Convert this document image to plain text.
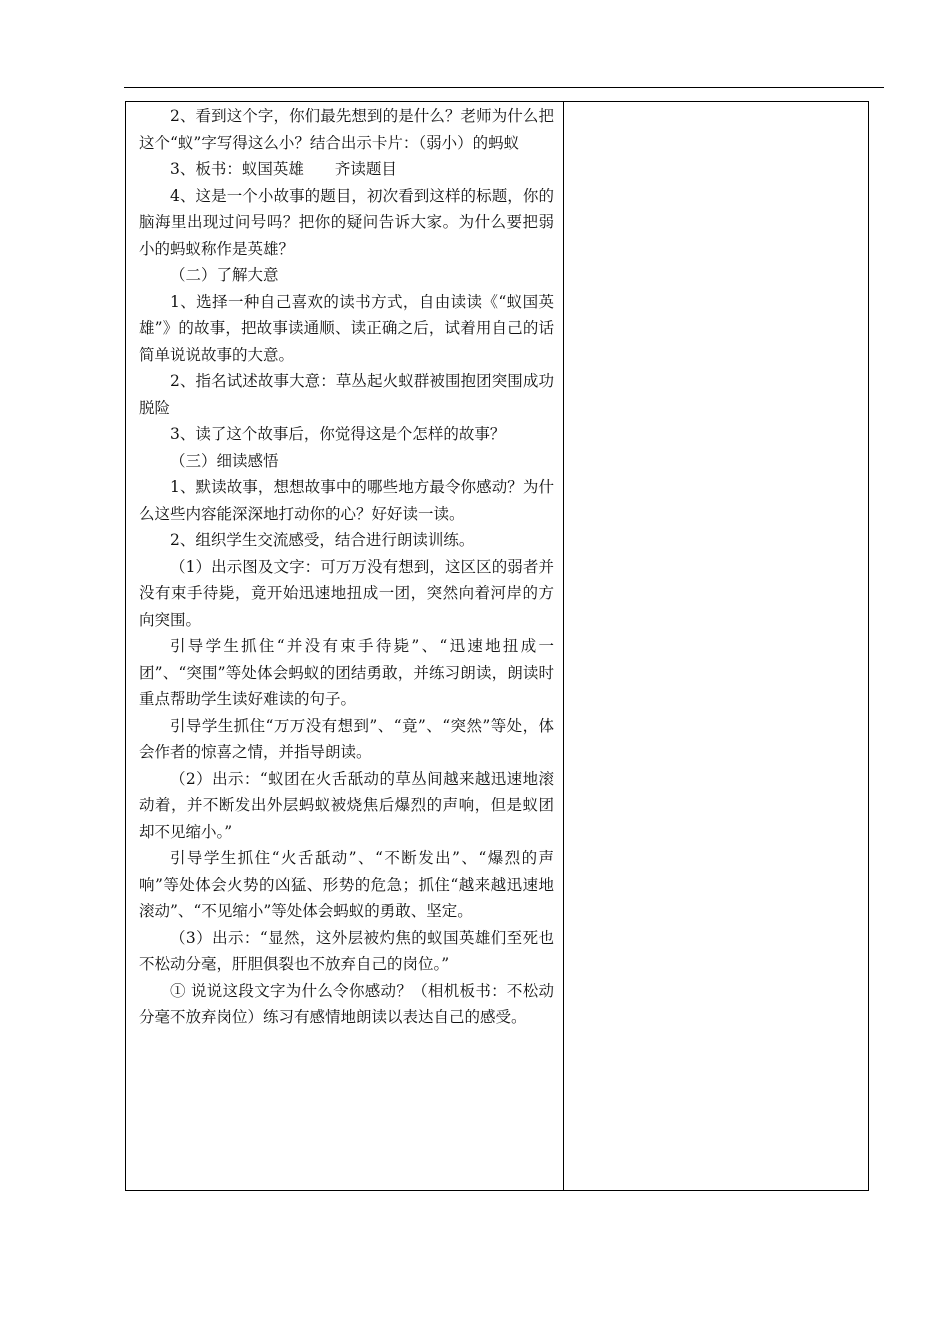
2、看到这个字，你们最先想到的是什么？老师为什么把这个“蚁”字写得这么小？结合出示卡片：（弱小）的蚂蚁

3、板书：蚁国英雄　　齐读题目

4、这是一个小故事的题目，初次看到这样的标题，你的脑海里出现过问号吗？把你的疑问告诉大家。为什么要把弱小的蚂蚁称作是英雄？

（二）了解大意

1、选择一种自己喜欢的读书方式，自由读读《“蚁国英雄”》的故事，把故事读通顺、读正确之后，试着用自己的话简单说说故事的大意。

2、指名试述故事大意：草丛起火蚁群被围抱团突围成功脱险

3、读了这个故事后，你觉得这是个怎样的故事？

（三）细读感悟

1、默读故事，想想故事中的哪些地方最令你感动？为什么这些内容能深深地打动你的心？好好读一读。

2、组织学生交流感受，结合进行朗读训练。

（1）出示图及文字：可万万没有想到，这区区的弱者并没有束手待毙，竟开始迅速地扭成一团，突然向着河岸的方向突围。

引导学生抓住“并没有束手待毙”、“迅速地扭成一团”、“突围”等处体会蚂蚁的团结勇敢，并练习朗读，朗读时重点帮助学生读好难读的句子。

引导学生抓住“万万没有想到”、“竟”、“突然”等处，体会作者的惊喜之情，并指导朗读。

（2）出示：“蚁团在火舌舐动的草丛间越来越迅速地滚动着，并不断发出外层蚂蚁被烧焦后爆烈的声响，但是蚁团却不见缩小。”

引导学生抓住“火舌舐动”、“不断发出”、“爆烈的声响”等处体会火势的凶猛、形势的危急；抓住“越来越迅速地滚动”、“不见缩小”等处体会蚂蚁的勇敢、坚定。

（3）出示：“显然，这外层被灼焦的蚁国英雄们至死也不松动分毫，肝胆俱裂也不放弃自己的岗位。”

① 说说这段文字为什么令你感动？（相机板书：不松动分毫不放弃岗位）练习有感情地朗读以表达自己的感受。
